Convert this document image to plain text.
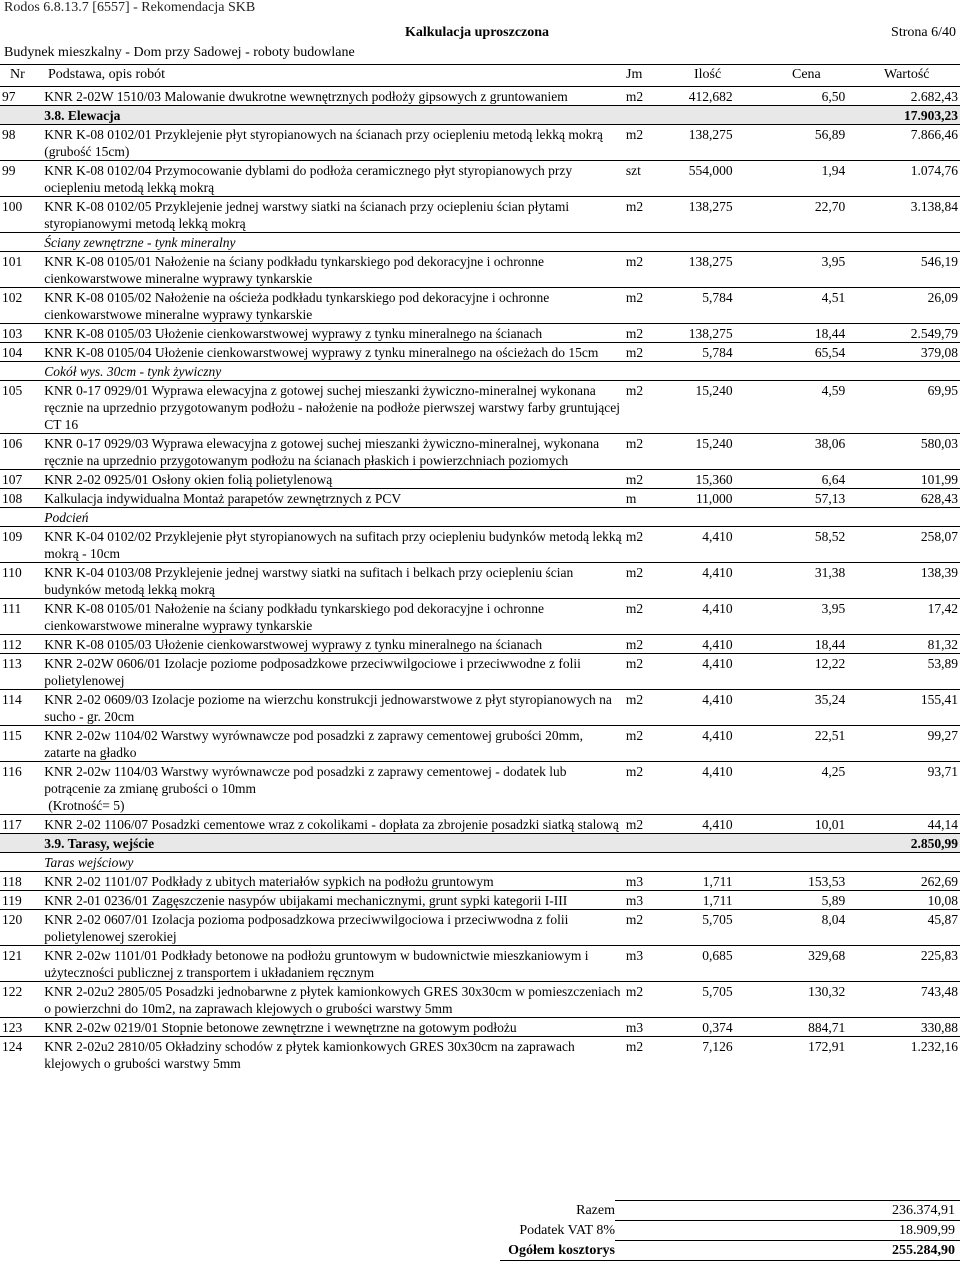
Rodos 6.8.13.7 [6557] - Rekomendacja SKB
Kalkulacja uproszczona	Strona 6/40
Budynek mieszkalny - Dom przy Sadowej - roboty budowlane
Nr Podstawa, opis robót	Jm	Ilość	Cena	Wartość
97	KNR 2-02W 1510/03 Malowanie dwukrotne wewnętrznych podłoży gipsowych z gruntowaniem	m2	412,682	6,50	2.682,43
	3.8. Elewacja				17.903,23
98	KNR K-08 0102/01 Przyklejenie płyt styropianowych na ścianach przy ociepleniu metodą lekką mokrą (grubość 15cm)	m2	138,275	56,89	7.866,46
99	KNR K-08 0102/04 Przymocowanie dyblami do podłoża ceramicznego płyt styropianowych przy ociepleniu metodą lekką mokrą	szt	554,000	1,94	1.074,76
100	KNR K-08 0102/05 Przyklejenie jednej warstwy siatki na ścianach przy ociepleniu ścian płytami styropianowymi metodą lekką mokrą	m2	138,275	22,70	3.138,84
	Ściany zewnętrzne - tynk mineralny				
101	KNR K-08 0105/01 Nałożenie na ściany podkładu tynkarskiego pod dekoracyjne i ochronne cienkowarstwowe mineralne wyprawy tynkarskie	m2	138,275	3,95	546,19
102	KNR K-08 0105/02 Nałożenie na ościeża podkładu tynkarskiego pod dekoracyjne i ochronne cienkowarstwowe mineralne wyprawy tynkarskie	m2	5,784	4,51	26,09
103	KNR K-08 0105/03 Ułożenie cienkowarstwowej wyprawy z tynku mineralnego na ścianach	m2	138,275	18,44	2.549,79
104	KNR K-08 0105/04 Ułożenie cienkowarstwowej wyprawy z tynku mineralnego na ościeżach do 15cm	m2	5,784	65,54	379,08
	Cokół wys. 30cm - tynk żywiczny				
105	KNR 0-17 0929/01 Wyprawa elewacyjna z gotowej suchej mieszanki żywiczno-mineralnej wykonana ręcznie na uprzednio przygotowanym podłożu - nałożenie na podłoże pierwszej warstwy farby gruntującej CT 16	m2	15,240	4,59	69,95
106	KNR 0-17 0929/03 Wyprawa elewacyjna z gotowej suchej mieszanki żywiczno-mineralnej, wykonana ręcznie na uprzednio przygotowanym podłożu na ścianach płaskich i powierzchniach poziomych	m2	15,240	38,06	580,03
107	KNR 2-02 0925/01 Osłony okien folią polietylenową	m2	15,360	6,64	101,99
108	Kalkulacja indywidualna Montaż parapetów zewnętrznych z PCV	m	11,000	57,13	628,43
	Podcień				
109	KNR K-04 0102/02 Przyklejenie płyt styropianowych na sufitach przy ociepleniu budynków metodą lekką mokrą - 10cm	m2	4,410	58,52	258,07
110	KNR K-04 0103/08 Przyklejenie jednej warstwy siatki na sufitach i belkach przy ociepleniu ścian budynków metodą lekką mokrą	m2	4,410	31,38	138,39
111	KNR K-08 0105/01 Nałożenie na ściany podkładu tynkarskiego pod dekoracyjne i ochronne cienkowarstwowe mineralne wyprawy tynkarskie	m2	4,410	3,95	17,42
112	KNR K-08 0105/03 Ułożenie cienkowarstwowej wyprawy z tynku mineralnego na ścianach	m2	4,410	18,44	81,32
113	KNR 2-02W 0606/01 Izolacje poziome podposadzkowe przeciwwilgociowe i przeciwwodne z folii polietylenowej	m2	4,410	12,22	53,89
114	KNR 2-02 0609/03 Izolacje poziome na wierzchu konstrukcji jednowarstwowe z płyt styropianowych na sucho - gr. 20cm	m2	4,410	35,24	155,41
115	KNR 2-02w 1104/02 Warstwy wyrównawcze pod posadzki z zaprawy cementowej grubości 20mm, zatarte na gładko	m2	4,410	22,51	99,27
116	KNR 2-02w 1104/03 Warstwy wyrównawcze pod posadzki z zaprawy cementowej - dodatek lub potrącenie za zmianę grubości o 10mm
(Krotność= 5)	m2	4,410	4,25	93,71
117	KNR 2-02 1106/07 Posadzki cementowe wraz z cokolikami - dopłata za zbrojenie posadzki siatką stalową	m2	4,410	10,01	44,14
	3.9. Tarasy, wejście				2.850,99
	Taras wejściowy				
118	KNR 2-02 1101/07 Podkłady z ubitych materiałów sypkich na podłożu gruntowym	m3	1,711	153,53	262,69
119	KNR 2-01 0236/01 Zagęszczenie nasypów ubijakami mechanicznymi, grunt sypki kategorii I-III	m3	1,711	5,89	10,08
120	KNR 2-02 0607/01 Izolacja pozioma podposadzkowa przeciwwilgociowa i przeciwwodna z folii polietylenowej szerokiej	m2	5,705	8,04	45,87
121	KNR 2-02w 1101/01 Podkłady betonowe na podłożu gruntowym w budownictwie mieszkaniowym i użyteczności publicznej z transportem i układaniem ręcznym	m3	0,685	329,68	225,83
122	KNR 2-02u2 2805/05 Posadzki jednobarwne z płytek kamionkowych GRES 30x30cm w pomieszczeniach o powierzchni do 10m2, na zaprawach klejowych o grubości warstwy 5mm	m2	5,705	130,32	743,48
123	KNR 2-02w 0219/01 Stopnie betonowe zewnętrzne i wewnętrzne na gotowym podłożu	m3	0,374	884,71	330,88
124	KNR 2-02u2 2810/05 Okładziny schodów z płytek kamionkowych GRES 30x30cm na zaprawach klejowych o grubości warstwy 5mm	m2	7,126	172,91	1.232,16
Razem	236.374,91
Podatek VAT 8%	18.909,99
Ogółem kosztorys	255.284,90
